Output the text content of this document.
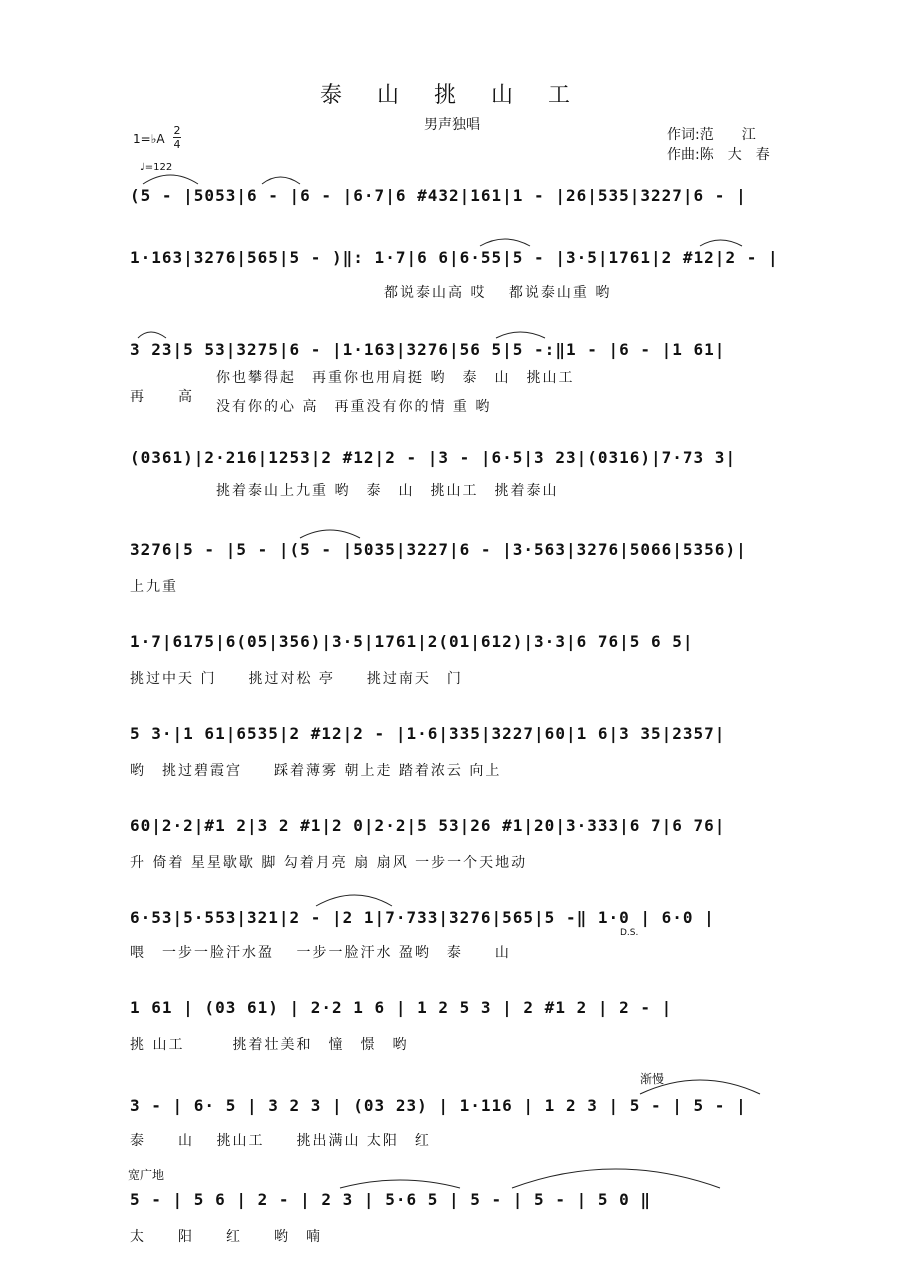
泰 山 挑 山 工
男声独唱
作词:范　　江
作曲:陈　大　春
1=♭A
2
4
♩=122
(5 - |5053|6 - |6 - |6·7|6 #432|161|1 - |26|535|3227|6 - |
1·163|3276|565|5 - )‖: 1·7|6 6|6·55|5 - |3·5|1761|2 #12|2 - |
都说泰山高 哎　 都说泰山重 哟
3 23|5 53|3275|6 - |1·163|3276|56 5|5 -:‖1 - |6 - |1 61|
你也攀得起　再重你也用肩挺 哟　泰　山　挑山工
再　　高
没有你的心 高　再重没有你的情 重 哟
(0361)|2·216|1253|2 #12|2 - |3 - |6·5|3 23|(0316)|7·73 3|
挑着泰山上九重 哟　泰　山　挑山工　挑着泰山
3276|5 - |5 - |(5 - |5035|3227|6 - |3·563|3276|5066|5356)|
上九重
1·7|6175|6(05|356)|3·5|1761|2(01|612)|3·3|6 76|5 6 5|
挑过中天 门　　挑过对松 亭　　挑过南天　门
5 3·|1 61|6535|2 #12|2 - |1·6|335|3227|60|1 6|3 35|2357|
哟　挑过碧霞宫　　踩着薄雾 朝上走 踏着浓云 向上
60|2·2|#1 2|3 2 #1|2 0|2·2|5 53|26 #1|20|3·333|6 7|6 76|
升 倚着 星星歇歇 脚 勾着月亮 扇 扇风 一步一个天地动
6·53|5·553|321|2 - |2 1|7·733|3276|565|5 -‖ 1·0 | 6·0 |
D.S.
喂　一步一脸汗水盈　 一步一脸汗水 盈哟　泰　　山
1 61 | (03 61) | 2·2 1 6 | 1 2 5 3 | 2 #1 2 | 2 - |
挑 山工　　　挑着壮美和　憧　憬　哟
渐慢
3 - | 6· 5 | 3 2 3 | (03 23) | 1·116 | 1 2 3 | 5 - | 5 - |
泰　　山　 挑山工　　挑出满山 太阳　红
宽广地
5 - | 5 6 | 2 - | 2 3 | 5·6 5 | 5 - | 5 - | 5 0 ‖
太　　阳　　红　　哟　喃
